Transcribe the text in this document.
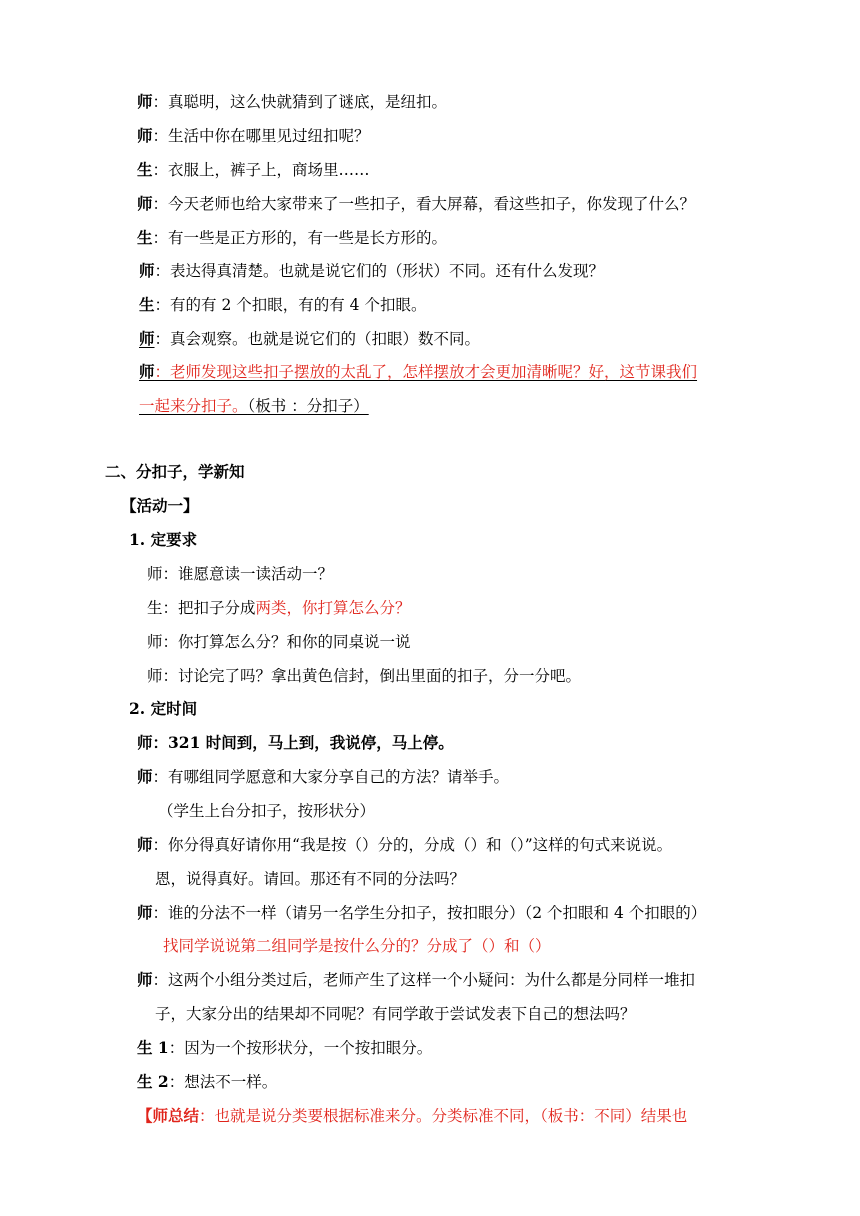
师：真聪明，这么快就猜到了谜底，是纽扣。
师：生活中你在哪里见过纽扣呢？
生：衣服上，裤子上，商场里……
师：今天老师也给大家带来了一些扣子，看大屏幕，看这些扣子，你发现了什么？
生：有一些是正方形的，有一些是长方形的。
师：表达得真清楚。也就是说它们的（形状）不同。还有什么发现？
生：有的有 2 个扣眼，有的有 4 个扣眼。
师：真会观察。也就是说它们的（扣眼）数不同。
师：老师发现这些扣子摆放的太乱了，怎样摆放才会更加清晰呢？好，这节课我们
一起来分扣子。（板书 ：分扣子）
二、分扣子，学新知
【活动一】
1. 定要求
师：谁愿意读一读活动一？
生：把扣子分成两类，你打算怎么分？
师：你打算怎么分？和你的同桌说一说
师：讨论完了吗？拿出黄色信封，倒出里面的扣子，分一分吧。
2. 定时间
师：321 时间到，马上到，我说停，马上停。
师：有哪组同学愿意和大家分享自己的方法？请举手。
（学生上台分扣子，按形状分）
师：你分得真好请你用“我是按（）分的，分成（）和（）”这样的句式来说说。
恩，说得真好。请回。那还有不同的分法吗？
师：谁的分法不一样（请另一名学生分扣子，按扣眼分）（2 个扣眼和 4 个扣眼的）
找同学说说第二组同学是按什么分的？分成了（）和（）
师：这两个小组分类过后，老师产生了这样一个小疑问：为什么都是分同样一堆扣
子，大家分出的结果却不同呢？有同学敢于尝试发表下自己的想法吗？
生 1：因为一个按形状分，一个按扣眼分。
生 2：想法不一样。
【师总结：也就是说分类要根据标准来分。分类标准不同，（板书：不同）结果也
